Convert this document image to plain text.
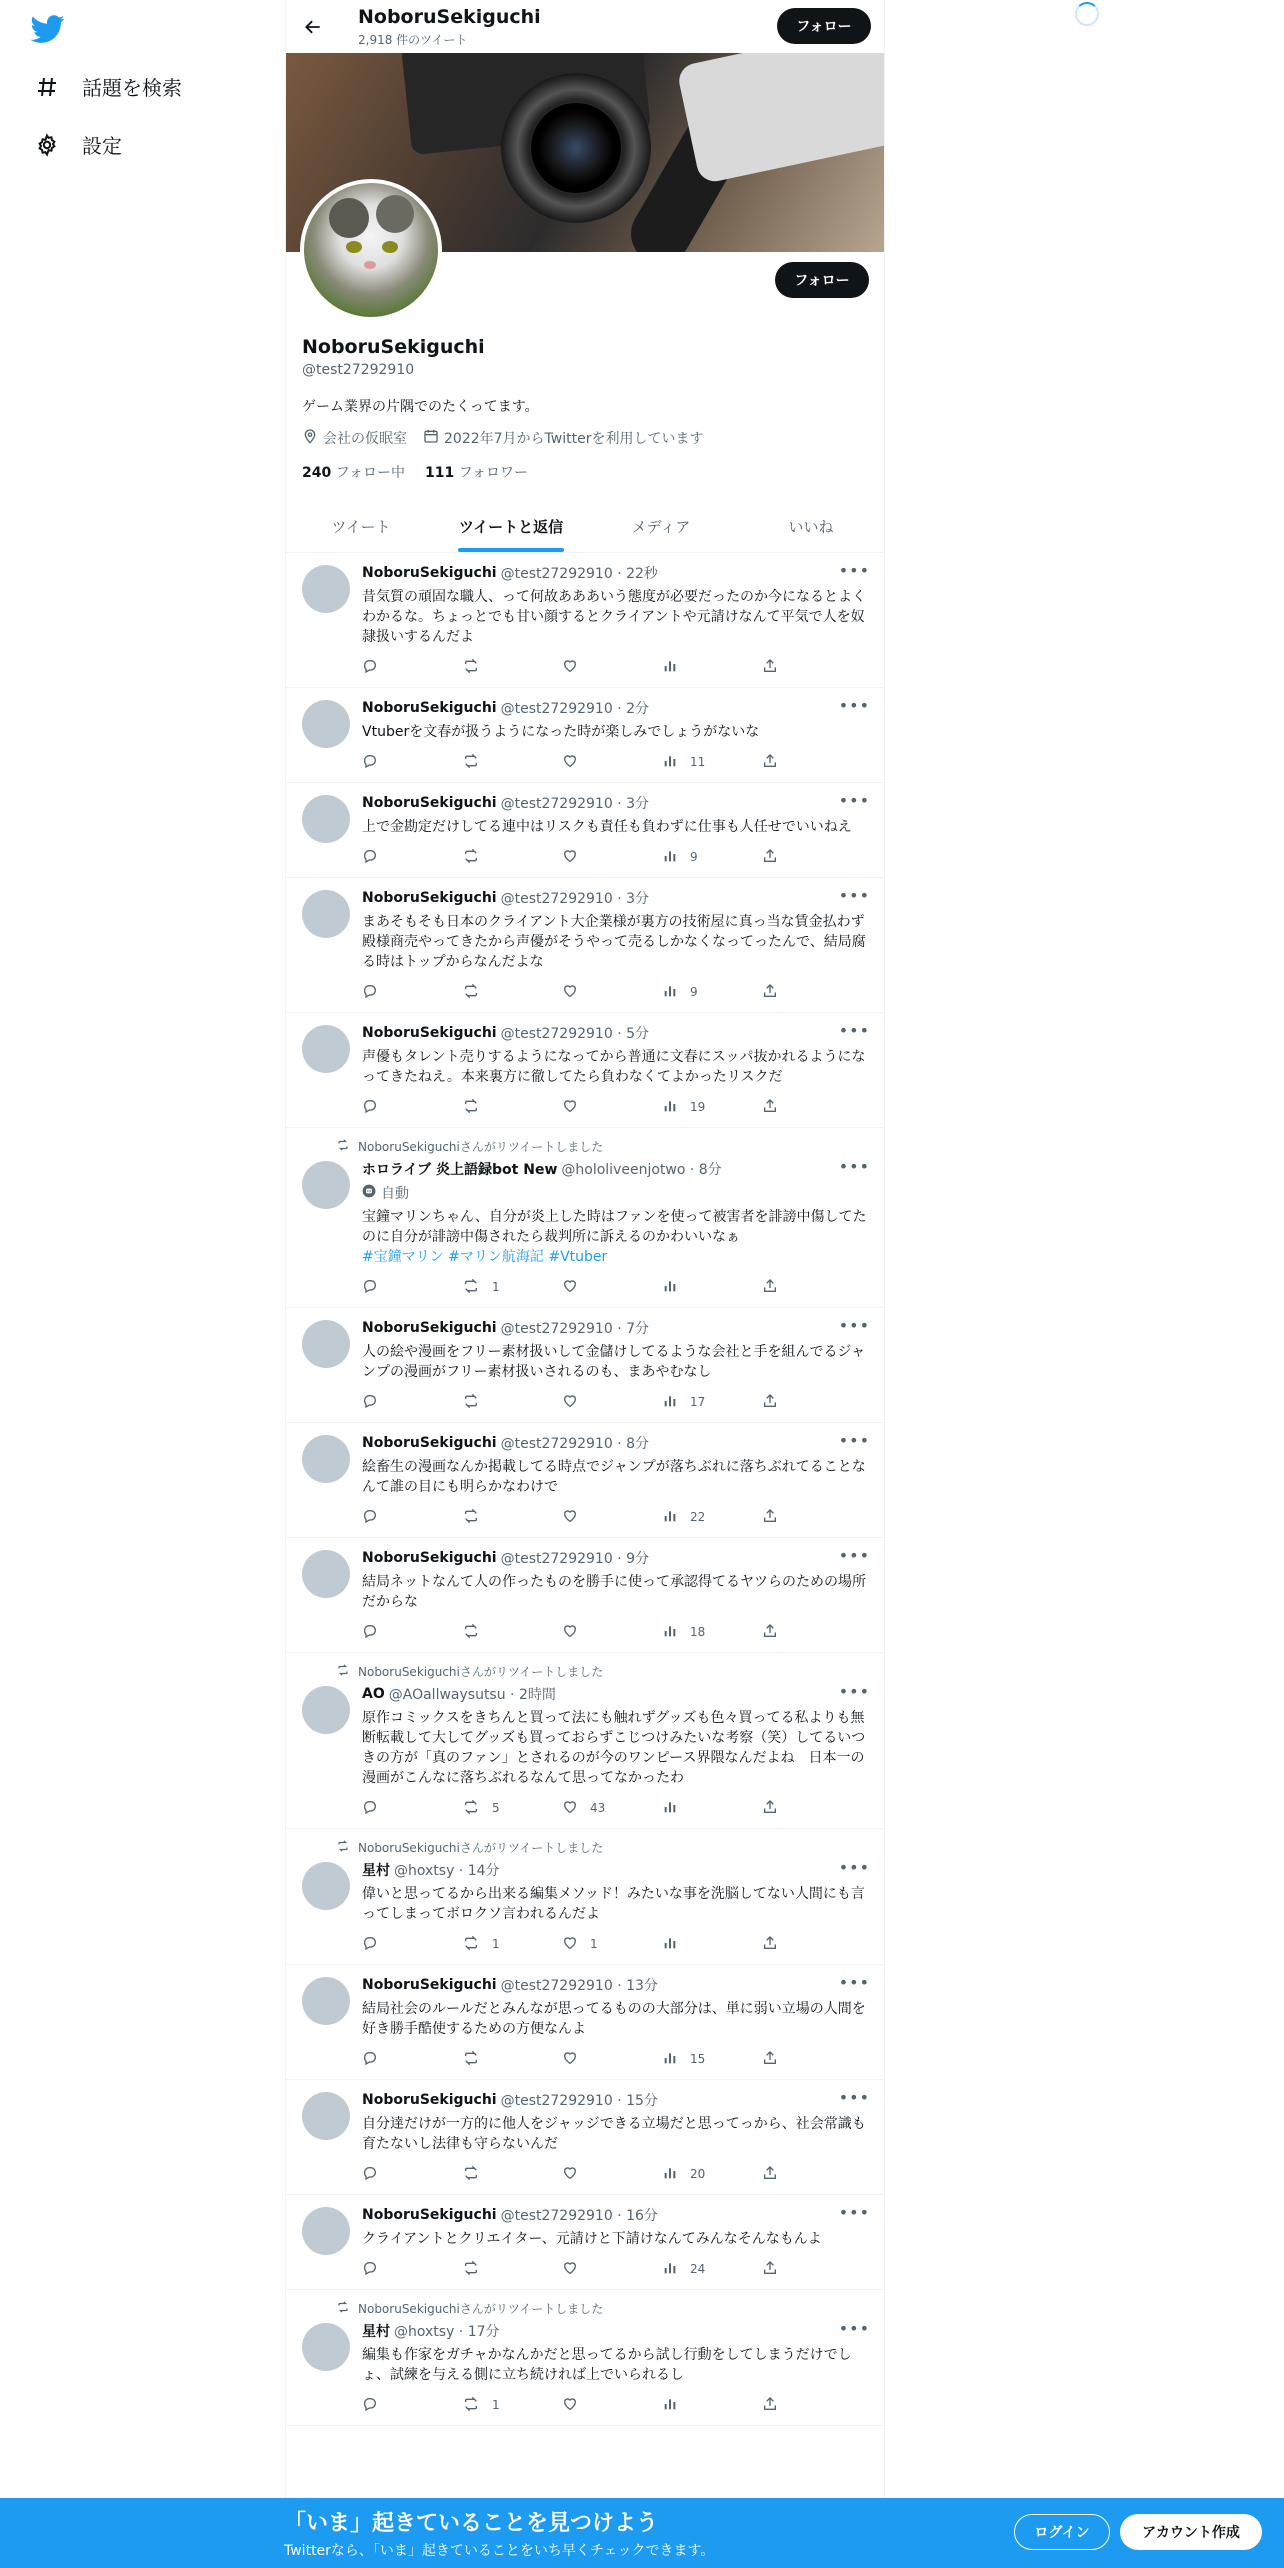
話題を検索
設定
NoboruSekiguchi
2,918 件のツイート
フォロー
フォロー
NoboruSekiguchi
@test27292910
ゲーム業界の片隅でのたくってます。
会社の仮眠室	2022年7月からTwitterを利用しています
240 フォロー中 111 フォロワー
ツイート	ツイートと返信	メディア	いいね
NoboruSekiguchi @test27292910 · 22秒	•••
昔気質の頑固な職人、って何故あああいう態度が必要だったのか今になるとよくわかるな。ちょっとでも甘い顔するとクライアントや元請けなんて平気で人を奴隷扱いするんだよ
NoboruSekiguchi @test27292910 · 2分	•••
Vtuberを文春が扱うようになった時が楽しみでしょうがないな
11
NoboruSekiguchi @test27292910 · 3分	•••
上で金勘定だけしてる連中はリスクも責任も負わずに仕事も人任せでいいねえ
9
NoboruSekiguchi @test27292910 · 3分	•••
まあそもそも日本のクライアント大企業様が裏方の技術屋に真っ当な賃金払わず殿様商売やってきたから声優がそうやって売るしかなくなってったんで、結局腐る時はトップからなんだよな
9
NoboruSekiguchi @test27292910 · 5分	•••
声優もタレント売りするようになってから普通に文春にスッパ抜かれるようになってきたねえ。本来裏方に徹してたら負わなくてよかったリスクだ
19
NoboruSekiguchiさんがリツイートしました
ホロライブ 炎上語録bot New @hololiveenjotwo · 8分	•••
自動
宝鐘マリンちゃん、自分が炎上した時はファンを使って被害者を誹謗中傷してたのに自分が誹謗中傷されたら裁判所に訴えるのかわいいなぁ
#宝鐘マリン #マリン航海記 #Vtuber
1
NoboruSekiguchi @test27292910 · 7分	•••
人の絵や漫画をフリー素材扱いして金儲けしてるような会社と手を組んでるジャンプの漫画がフリー素材扱いされるのも、まあやむなし
17
NoboruSekiguchi @test27292910 · 8分	•••
絵畜生の漫画なんか掲載してる時点でジャンプが落ちぶれに落ちぶれてることなんて誰の目にも明らかなわけで
22
NoboruSekiguchi @test27292910 · 9分	•••
結局ネットなんて人の作ったものを勝手に使って承認得てるヤツらのための場所だからな
18
NoboruSekiguchiさんがリツイートしました
AO @AOallwaysutsu · 2時間	•••
原作コミックスをきちんと買って法にも触れずグッズも色々買ってる私よりも無断転載して大してグッズも買っておらずこじつけみたいな考察（笑）してるいつきの方が「真のファン」とされるのが今のワンピース界隈なんだよね　日本一の漫画がこんなに落ちぶれるなんて思ってなかったわ
5	43
NoboruSekiguchiさんがリツイートしました
星村 @hoxtsy · 14分	•••
偉いと思ってるから出来る編集メソッド！みたいな事を洗脳してない人間にも言ってしまってボロクソ言われるんだよ
1	1
NoboruSekiguchi @test27292910 · 13分	•••
結局社会のルールだとみんなが思ってるものの大部分は、単に弱い立場の人間を好き勝手酷使するための方便なんよ
15
NoboruSekiguchi @test27292910 · 15分	•••
自分達だけが一方的に他人をジャッジできる立場だと思ってっから、社会常識も育たないし法律も守らないんだ
20
NoboruSekiguchi @test27292910 · 16分	•••
クライアントとクリエイター、元請けと下請けなんてみんなそんなもんよ
24
NoboruSekiguchiさんがリツイートしました
星村 @hoxtsy · 17分	•••
編集も作家をガチャかなんかだと思ってるから試し行動をしてしまうだけでしょ、試練を与える側に立ち続ければ上でいられるし
1
「いま」起きていることを見つけよう
Twitterなら、「いま」起きていることをいち早くチェックできます。
ログイン	アカウント作成
